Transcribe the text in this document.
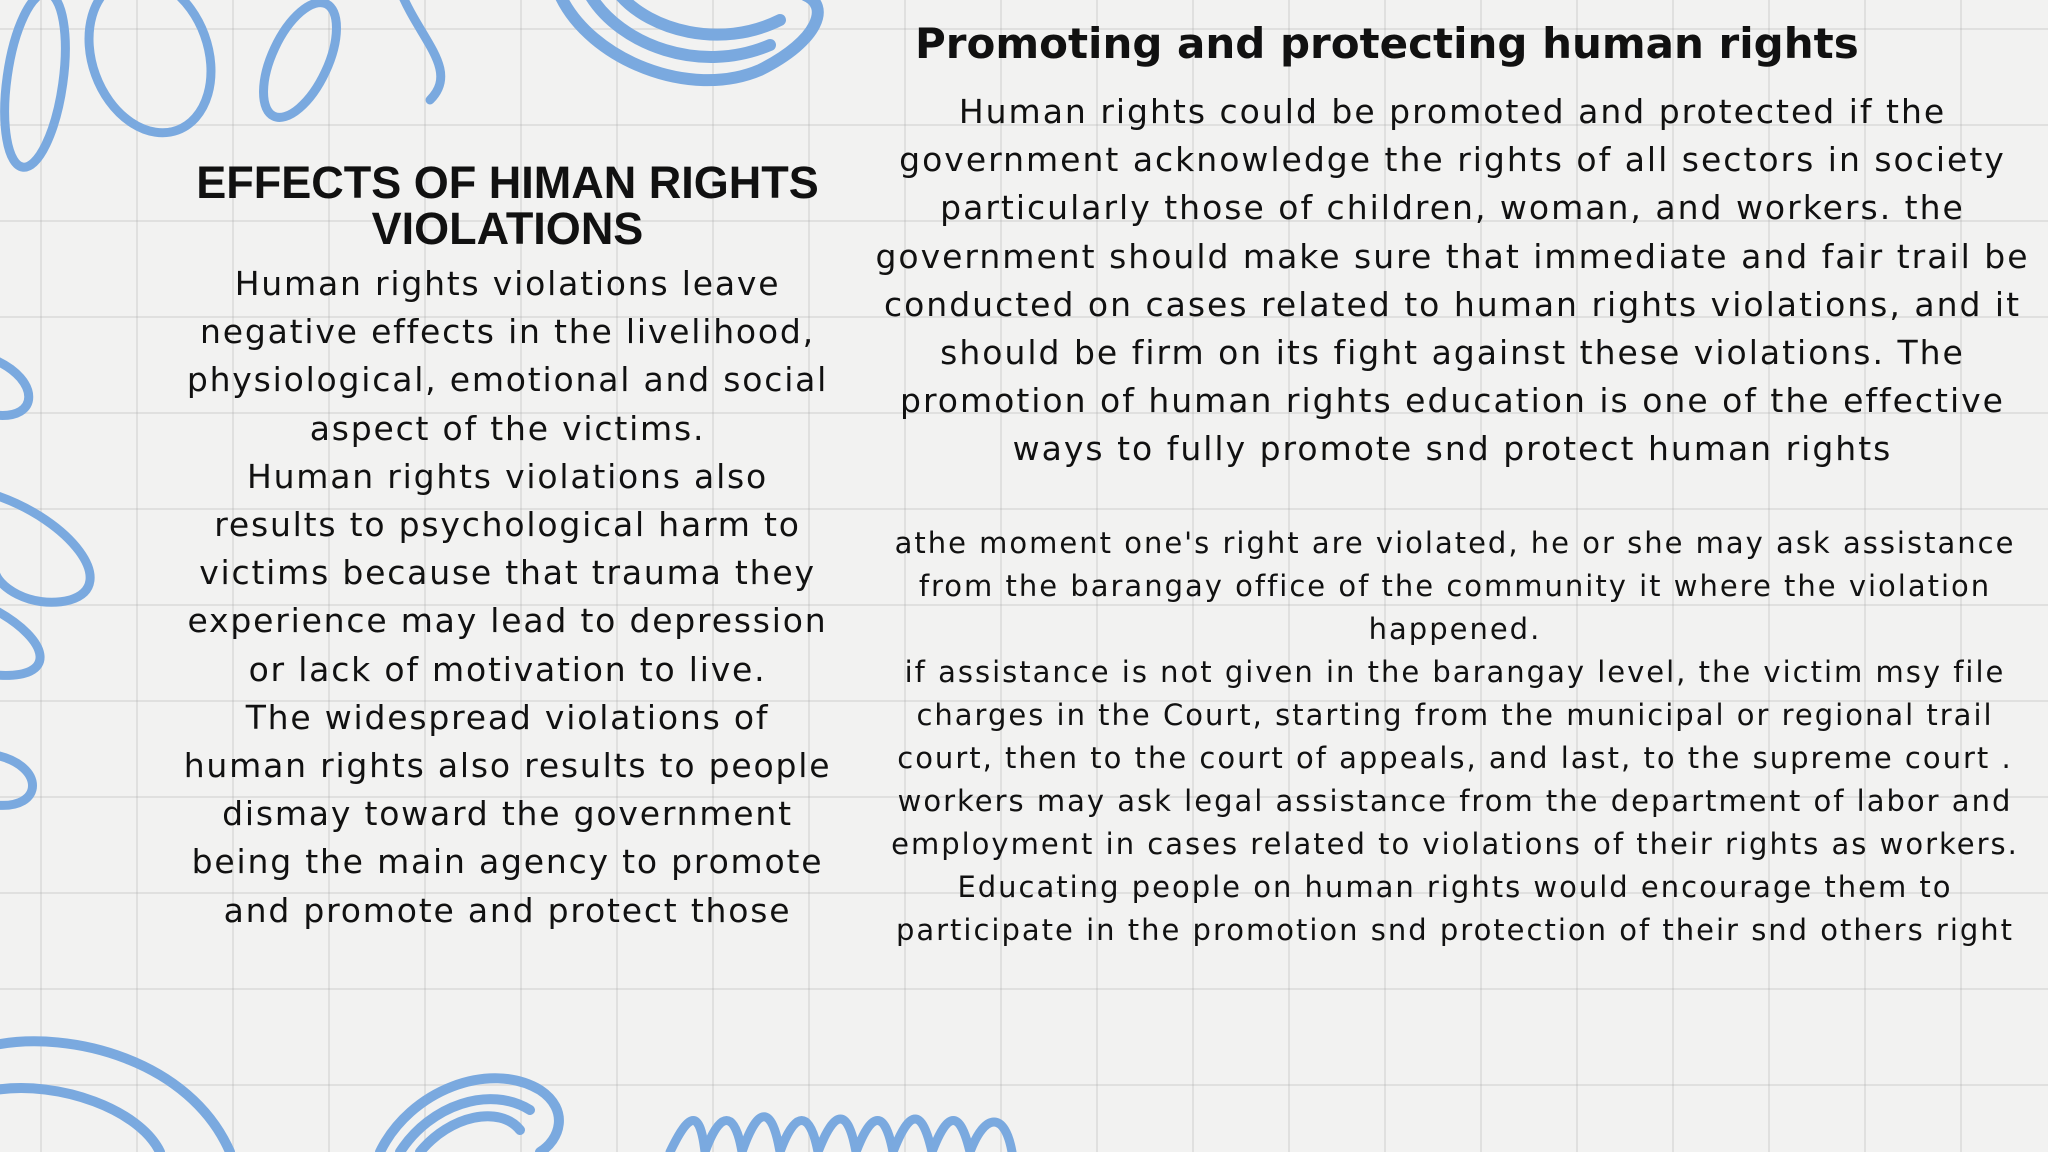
EFFECTS OF HIMAN RIGHTS VIOLATIONS

Human rights violations leave negative effects in the livelihood, physiological, emotional and social aspect of the victims.

Human rights violations also results to psychological harm to victims because that trauma they experience may lead to depression or lack of motivation to live.

The widespread violations of human rights also results to people dismay toward the government being the main agency to promote and promote and protect those

Promoting and protecting human rights

Human rights could be promoted and protected if the government acknowledge the rights of all sectors in society particularly those of children, woman, and workers. the government should make sure that immediate and fair trail be conducted on cases related to human rights violations, and it should be firm on its fight against these violations. The promotion of human rights education is one of the effective ways to fully promote snd protect human rights

athe moment one's right are violated, he or she may ask assistance from the barangay office of the community it where the violation happened.

if assistance is not given in the barangay level, the victim msy file charges in the Court, starting from the municipal or regional trail court, then to the court of appeals, and last, to the supreme court .

workers may ask legal assistance from the department of labor and employment in cases related to violations of their rights as workers.

Educating people on human rights would encourage them to participate in the promotion snd protection of their snd others right
